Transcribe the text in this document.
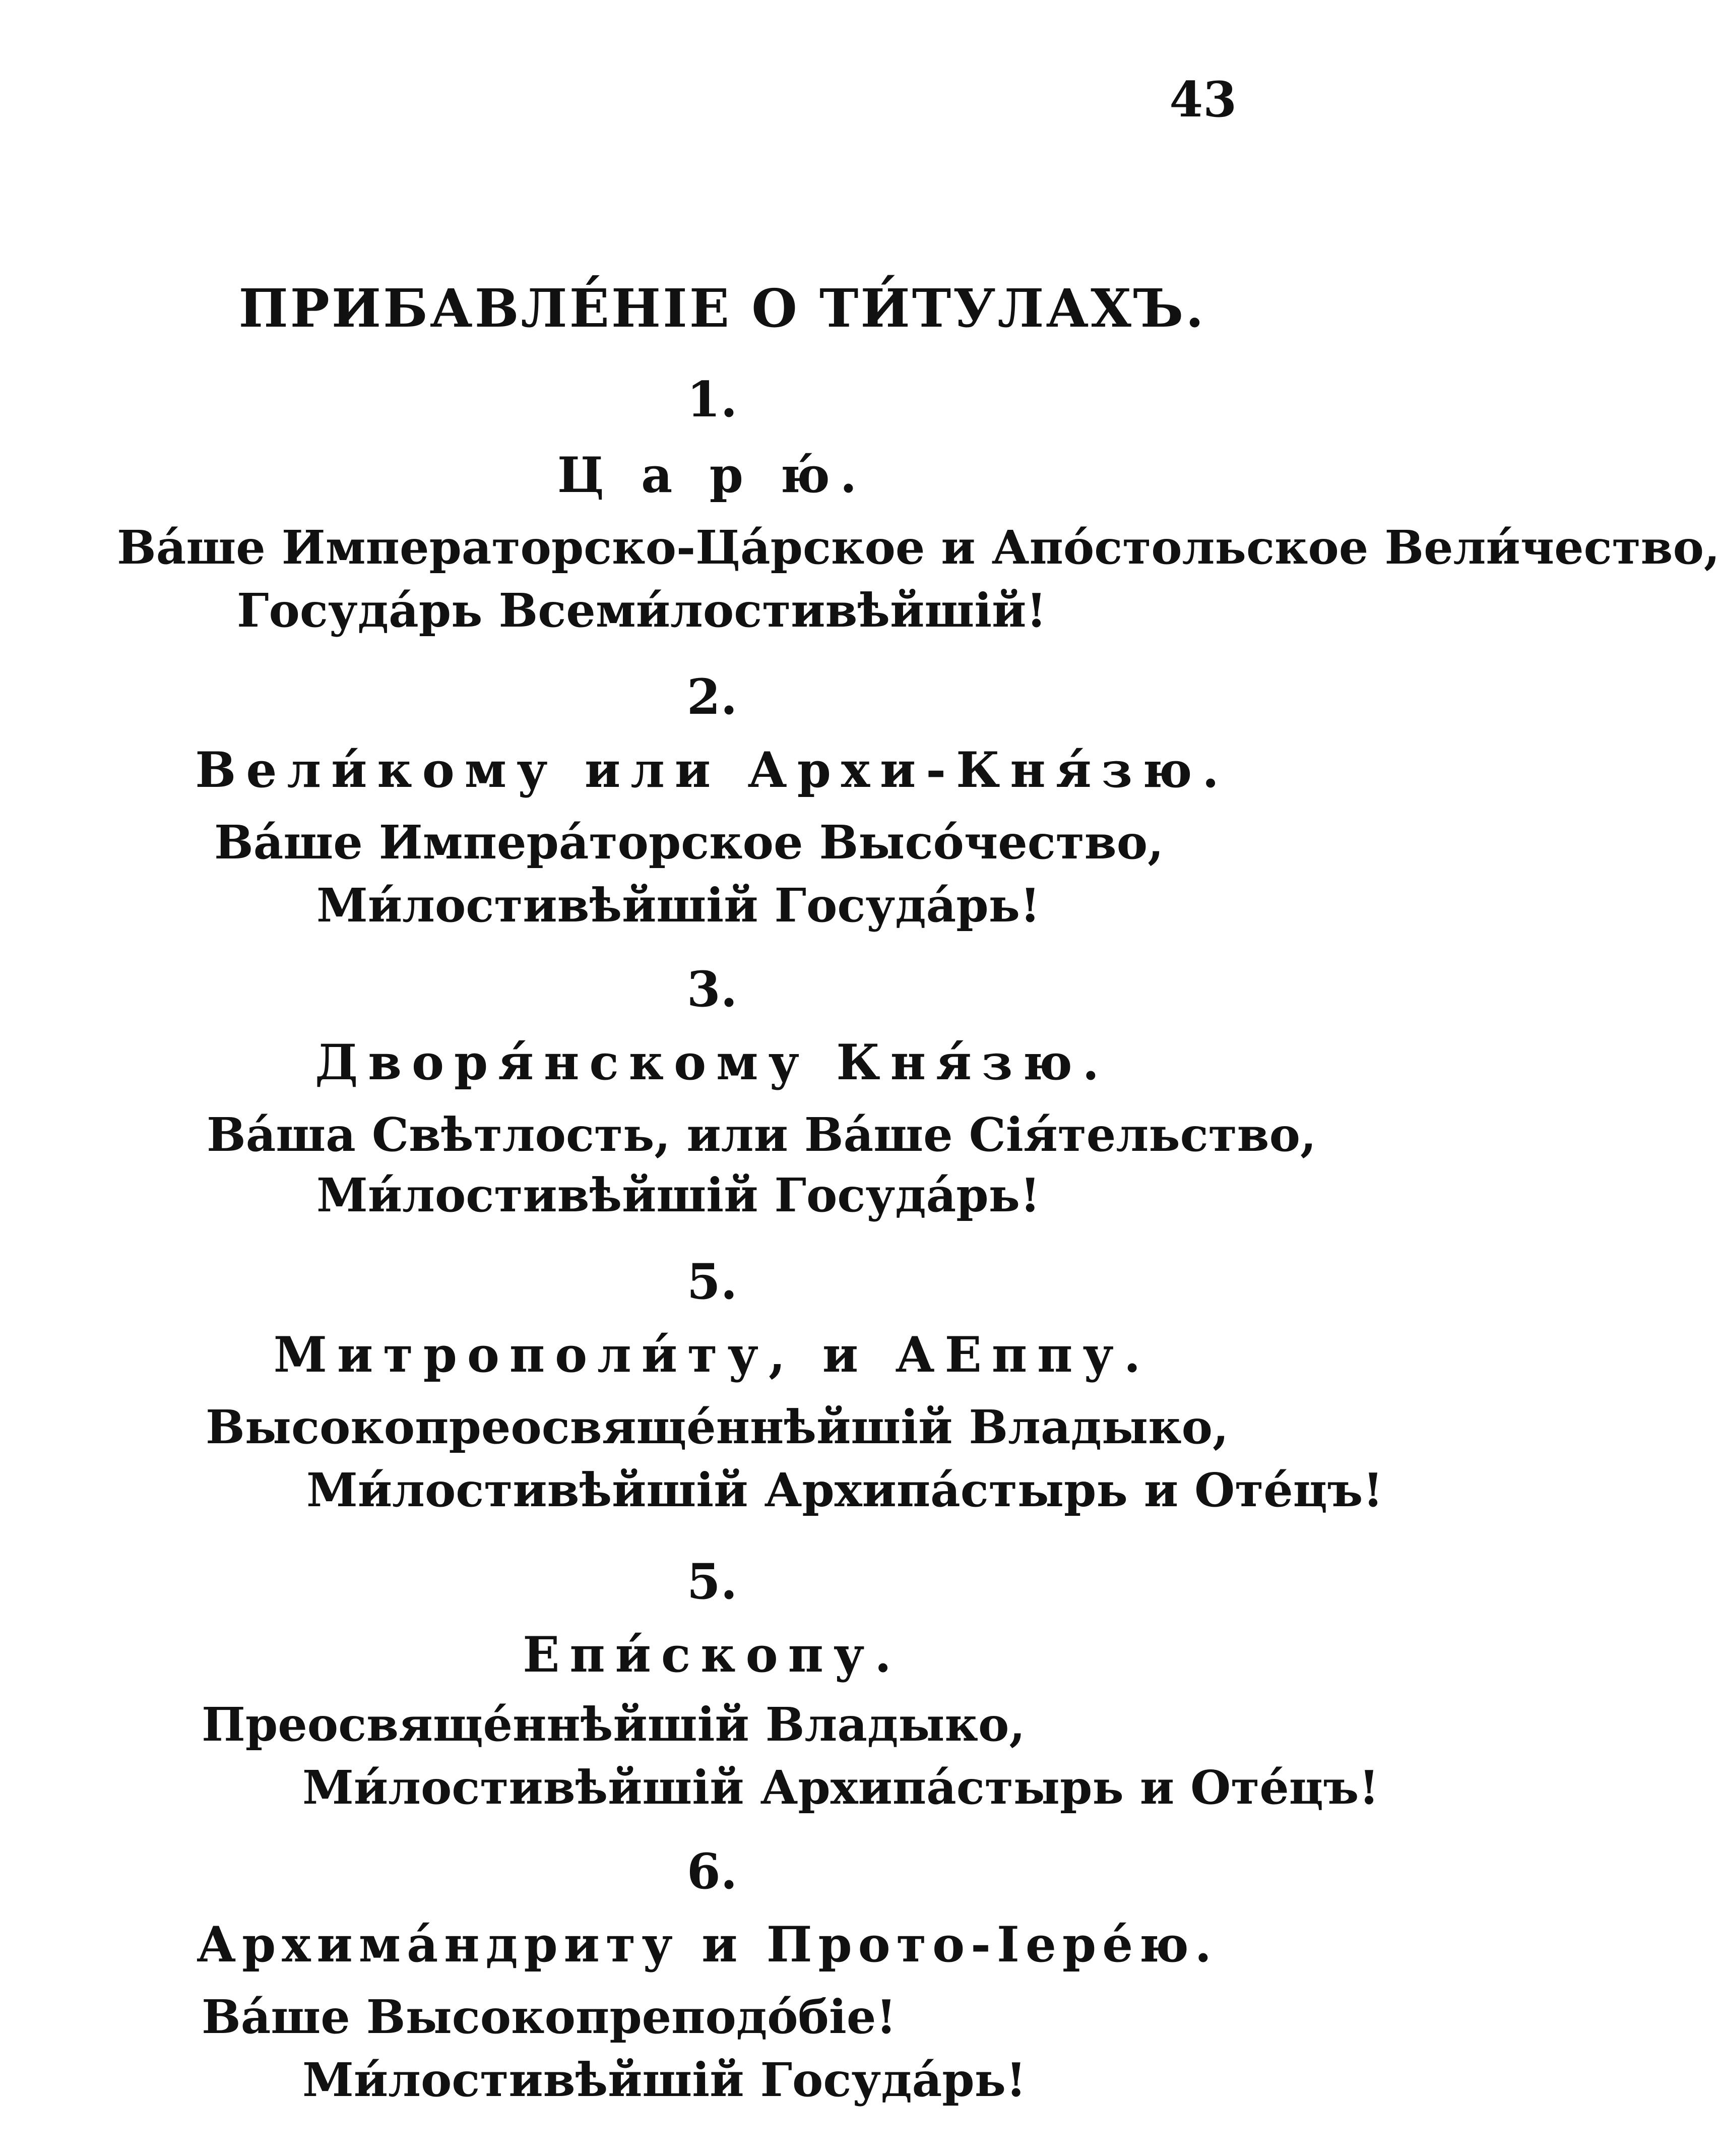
43
ПРИБАВЛЕ́НІЕ О ТИ́ТУЛАХЪ.
1.
Ц а р ю́.
Ва́ше Императорско-Ца́рское и Апо́стольское Вели́чество,
Госуда́рь Всеми́лостивѣйшій!
2.
Вели́кому или Архи-Кня́зю.
Ва́ше Импера́торское Высо́чество,
Ми́лостивѣйшій Госуда́рь!
3.
Дворя́нскому Кня́зю.
Ва́ша Свѣтлость, или Ва́ше Сія́тельство,
Ми́лостивѣйшій Госуда́рь!
5.
Митрополи́ту, и АЕппу.
Высокопреосвяще́ннѣйшій Владыко,
Ми́лостивѣйшій Архипа́стырь и Оте́цъ!
5.
Епи́скопу.
Преосвяще́ннѣйшій Владыко,
Ми́лостивѣйшій Архипа́стырь и Оте́цъ!
6.
Архима́ндриту и Прото-Іере́ю.
Ва́ше Высокопреподо́біе!
Ми́лостивѣйшій Госуда́рь!
